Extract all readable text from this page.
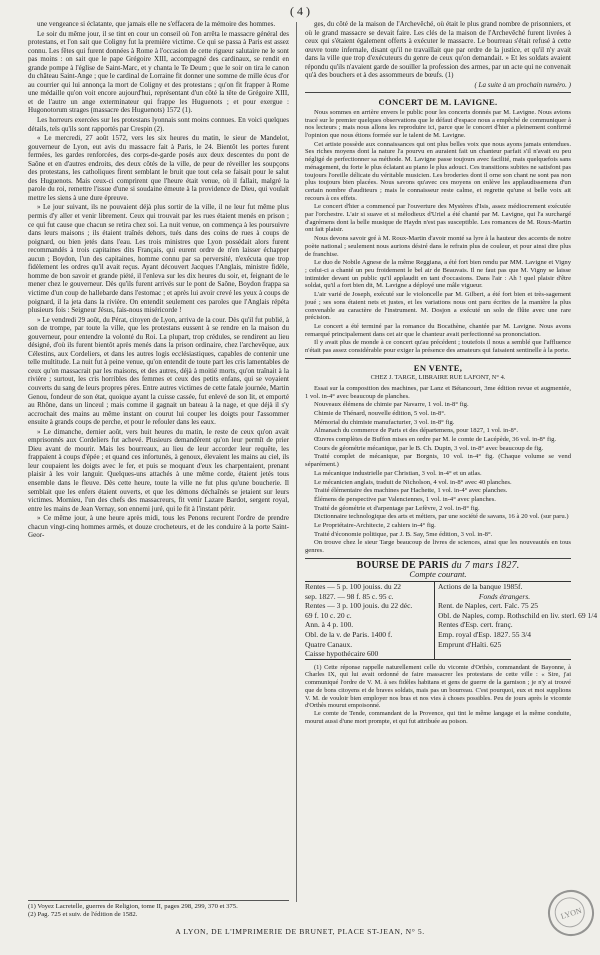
( 4 )

une vengeance si éclatante, que jamais elle ne s'effacera de la mémoire des hommes.

Le soir du même jour, il se tint en cour un conseil où l'on arrêta le massacre général des protestans, et l'on sait que Coligny fut la première victime. Ce qui se passa à Paris est assez connu. Les fêtes qui furent données à Rome à l'occasion de cette rigueur salutaire ne le sont pas moins : on sait que le pape Grégoire XIII, accompagné des cardinaux, se rendit en grande pompe à l'église de Saint-Marc, et y chanta le Te Deum ; que le soir on tira le canon du château Saint-Ange ; que le cardinal de Lorraine fit donner une somme de mille écus d'or au courrier qui lui annonça la mort de Coligny et des protestans ; qu'on fit frapper à Rome une médaille qu'on voit encore aujourd'hui, représentant d'un côté la tête de Grégoire XIII, et de l'autre un ange exterminateur qui frappe les Huguenots ; et pour exergue : Hugonotorum strages (massacre des Huguenots) 1572 (1).

Les horreurs exercées sur les protestans lyonnais sont moins connues. En voici quelques détails, tels qu'ils sont rapportés par Crespin (2).

« Le mercredi, 27 août 1572, vers les six heures du matin, le sieur de Mandelot, gouverneur de Lyon, eut avis du massacre fait à Paris, le 24. Bientôt les portes furent fermées, les gardes renforcées, des corps-de-garde posés aux deux descentes du pont de Saône et en d'autres endroits, des deux côtés de la ville, de peur de réveiller les soupçons des protestans, les catholiques firent semblant le bruit que tout cela se faisait pour le salut des Huguenots. Mais ceux-ci comprirent que l'heure était venue, où il fallait, malgré la parole du roi, remettre l'issue d'une si soudaine émeute à la providence de Dieu, qui voulait mettre les siens à une dure épreuve.

» Le jour suivant, ils ne pouvaient déjà plus sortir de la ville, il ne leur fut même plus permis d'y aller et venir librement. Ceux qui trouvait par les rues étaient menés en prison ; ce qui fut cause que chacun se retira chez soi. La nuit venue, on commença à les poursuivre dans leurs maisons ; ils étaient traînés dehors, tués dans des coins de rues à coups de poignard, ou bien jetés dans l'eau. Les trois ministres que Lyon possédait alors furent recommandés à trois capitaines dits Français, qui eurent ordre de n'en laisser échapper aucun ; Boydon, l'un des capitaines, homme connu par sa perversité, n'exécuta que trop fidèlement les ordres qu'il avait reçus. Ayant découvert Jacques l'Anglais, ministre fidèle, homme de bon savoir et grande piété, il l'enleva sur les dix heures du soir, et, feignant de le mener chez le gouverneur. Dès qu'ils furent arrivés sur le pont de Saône, Boydon frappa sa victime d'un coup de hallebarde dans l'estomac ; et après lui avoir crevé les yeux à coups de poignard, il la jeta dans la rivière. On entendit seulement ces paroles que l'Anglais répéta plusieurs fois : Seigneur Jésus, fais-nous miséricorde !

» Le vendredi 29 août, du Pérat, citoyen de Lyon, arriva de la cour. Dès qu'il fut publié, à son de trompe, par toute la ville, que les protestans eussent à se rendre en la maison du gouverneur, pour entendre la volonté du Roi. La plupart, trop crédules, se rendirent au lieu désigné, d'où ils furent bientôt après menés dans la prison ordinaire, chez l'archevêque, aux Célestins, aux Cordeliers, et dans les autres logis ecclésiastiques, capables de contenir une telle multitude. La nuit fut à peine venue, qu'on entendit de toute part les cris lamentables de ceux qu'on massacrait par les maisons, et des autres, déjà à moitié morts, qu'on traînait à la rivière ; surtout, les cris horribles des femmes et ceux des petits enfans, qui se voyaient couverts du sang de leurs propres pères. Entre autres victimes de cette fatale journée, Martin Genou, fondeur de son état, quoique ayant la cuisse cassée, fut enlevé de son lit, et emporté au Rhône, dans un linceul ; mais comme il gagnait un bateau à la nage, et que déjà il s'y accrochait des mains au même instant on courut lui couper les doigts pour l'assommer ensuite à grands coups de perche, et pour le refouler dans les eaux.

» Le dimanche, dernier août, vers huit heures du matin, le reste de ceux qu'on avait emprisonnés aux Cordeliers fut achevé. Plusieurs demandèrent qu'on leur permît de prier Dieu avant de mourir. Mais les bourreaux, au lieu de leur accorder leur requête, les frappaient à coups d'épée ; et quand ces infortunés, à genoux, élevaient les mains au ciel, ils leur coupaient les doigts avec le fer, et puis se moquant d'eux les charpentaient, prenant plaisir à les voir languir. Quelques-uns attachés à une même corde, étaient jetés tous ensemble dans le fleuve. Dès cette heure, toute la ville ne fut plus qu'une boucherie. Il semblait que les enfers étaient ouverts, et que les démons déchaînés se jetaient sur leurs victimes. Mornieu, l'un des chefs des massacreurs, fit venir Lazare Bardot, sergent royal, entre les mains de Jean Vernay, son ennemi juré, qui le fit à l'instant périr.

» Ce même jour, à une heure après midi, tous les Penons recurent l'ordre de prendre chacun vingt-cinq hommes armés, et douze crocheteurs, et de les conduire à la porte Saint-Geor-

ges, du côté de la maison de l'Archevêché, où était le plus grand nombre de prisonniers, et où le grand massacre se devait faire. Les clés de la maison de l'Archevêché furent livrées à ceux qui s'étaient également offerts à exécuter le massacre. Le bourreau s'était refusé à cette œuvre toute infernale, disant qu'il ne travaillait que par ordre de la justice, et qu'il n'y avait dans la ville que trop d'exécuteurs du genre de ceux qu'on demandait. » Et les soldats avaient répondu qu'ils n'avaient garde de souiller la profession des armes, par un acte qui ne convenait qu'à des bouchers et à des assommeurs de bœufs. (1)

( La suite à un prochain numéro. )

CONCERT DE M. LAVIGNE.

Nous sommes en arrière envers le public pour les concerts donnés par M. Lavigne. Nous avions tracé sur le premier quelques observations que le défaut d'espace nous a empêché de communiquer à nos lecteurs ; mais nous allons les reproduire ici, parce que le concert d'hier a pleinement confirmé l'opinion que nous étions formée sur le talent de M. Lavigne.

Cet artiste possède aux connaissances qui ont plus belles voix que nous ayons jamais entendues. Ses riches moyens dont la nature l'a pourvu en auraient fait un chanteur parfait s'il n'avait eu peu négligé de perfectionner sa méthode. M. Lavigne passe toujours avec facilité, mais quelquefois sans ménagement, du forte le plus éclatant au piano le plus adouci. Ces transitions subites ne satisfont pas toujours l'oreille délicate du véritable musicien. Les broderies dont il orne son chant ne sont pas non plus toujours bien placées. Nous savons qu'avec ces moyens on enlève les applaudissemens d'un certain nombre d'auditeurs ; mais le connaisseur reste calme, et regrette qu'une si belle voix ait recours à ces effets.

Le concert d'hier a commencé par l'ouverture des Mystères d'Isis, assez médiocrement exécutée par l'orchestre. L'air si suave et si mélodieux d'Uriel a été chanté par M. Lavigne, qui l'a surchargé d'agrémens dont la belle musique de Haydn n'est pas susceptible. Les romances de M. Roux-Martin ont fait plaisir.

Nous devons savoir gré à M. Roux-Martin d'avoir monté sa lyre à la hauteur des accents de notre poète national ; seulement nous aurions désiré dans le refrain plus de couleur, et pour ainsi dire plus de franchise.

Le duo de Nobile Agnese de la même Reggiana, a été fort bien rendu par MM. Lavigne et Vigny ; celui-ci a chanté un peu froidement le bel air de Beauvais. Il ne faut pas que M. Vigny se laisse intimider devant un public qu'il applaudit en tant d'occasions. Dans l'air : Ah ! quel plaisir d'être soldat, qu'il a fort bien dit, M. Lavigne a déployé une mâle vigueur.

L'air varié de Joseph, exécuté sur le violoncelle par M. Gilbert, a été fort bien et très-sagement joué ; ses sons étaient nets et justes, et les variations nous ont paru écrites de la manière la plus convenable au caractère de l'instrument. M. Dosjon a exécuté un solo de flûte avec une rare précision.

Le concert a été terminé par la romance du Bocathène, chantée par M. Lavigne. Nous avons remarqué principalement dans cet air que le chanteur avait perfectionné sa prononciation.

Il y avait plus de monde à ce concert qu'au précédent ; toutefois il nous a semblé que l'affluence n'était pas assez considérable pour exiger la présence des amateurs qui faisaient sentinelle à la porte.

EN VENTE,
CHEZ J. TARGE, LIBRAIRE RUE LAFONT, N° 4.

Essai sur la composition des machines, par Lanz et Bétancourt, 3me édition revue et augmentée, 1 vol. in-4° avec beaucoup de planches.

Nouveaux élémens de chimie par Navarre, 1 vol. in-8° fig.

Chimie de Thénard, nouvelle édition, 5 vol. in-8°.

Mémorial du chimiste manufacturier, 3 vol. in-8° fig.

Almanach du commerce de Paris et des départemens, pour 1827, 1 vol. in-8°.

Œuvres complètes de Buffon mises en ordre par M. le comte de Lacépède, 36 vol. in-8° fig.

Cours de géométrie mécanique, par le B. Ch. Dupin, 3 vol. in-8° avec beaucoup de fig.

Traité complet de mécanique, par Borgnis, 10 vol. in-4° fig. (Chaque volume se vend séparément.)

La mécanique industrielle par Christian, 3 vol. in-4° et un atlas.

Le mécanicien anglais, traduit de Nicholson, 4 vol. in-8° avec 40 planches.

Traité élémentaire des machines par Hachette, 1 vol. in-4° avec planches.

Élémens de perspective par Valenciennes, 1 vol. in-4° avec planches.

Traité de géométrie et d'arpentage par Lefèvre, 2 vol. in-8° fig.

Dictionnaire technologique des arts et métiers, par une société de savans, 16 à 20 vol. (sur paru.)

Le Propriétaire-Architecte, 2 cahiers in-4° fig.

Traité d'économie politique, par J. B. Say, 5me édition, 3 vol. in-8°.

On trouve chez le sieur Targe beaucoup de livres de sciences, ainsi que les nouveautés en tous genres.

BOURSE DE PARIS du 7 mars 1827.
Compte courant.
Rentes — 5 p. 100 jouiss. du 22
sep. 1827. — 98 f. 85 c. 95 c.
Rentes — 3 p. 100 jouis. du 22 déc.
69 f. 10 c. 20 c.
Ann. à 4 p. 100.
Obl. de la v. de Paris. 1400 f.
Quatre Canaux.
Caisse hypothécaire 600
Actions de la banque 1985f.
Fonds étrangers.
Rent. de Naples, cert. Falc. 75 25
Obl. de Naples, comp. Rothschild en liv. sterl. 69 1/4
Rentes d'Esp. cert. franç.
Emp. royal d'Esp. 1827. 55 3/4
Emprunt d'Haïti. 625

(1) Cette réponse rappelle naturellement celle du vicomte d'Orthès, commandant de Bayonne, à Charles IX, qui lui avait ordonné de faire massacrer les protestans de cette ville : « Sire, j'ai communiqué l'ordre de V. M. à ses fidèles habitans et gens de guerre de la garnison ; je n'y ai trouvé que de bons citoyens et de braves soldats, mais pas un bourreau. C'est pourquoi, eux et moi supplions V. M. de vouloir bien employer nos bras et nos vies à choses possibles. Peu de jours après le vicomte d'Orthès mourut empoisonné.

Le comte de Tende, commandant de la Provence, qui tint le même langage et la même conduite, mourut aussi d'une mort prompte, et qui fut attribuée au poison.

(1) Voyez Lacretelle, guerres de Religion, tome II, pages 298, 299, 370 et 375.
(2) Pag. 725 et suiv. de l'édition de 1582.
A LYON, DE L'IMPRIMERIE DE BRUNET, PLACE ST-JEAN, N° 5.
LYON
